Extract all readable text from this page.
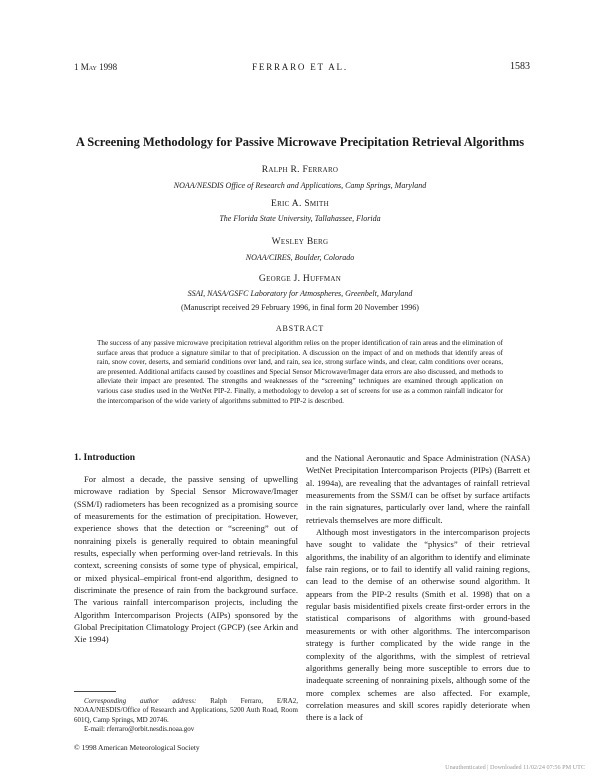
1 May 1998	FERRARO ET AL.	1583
A Screening Methodology for Passive Microwave Precipitation Retrieval Algorithms
Ralph R. Ferraro
NOAA/NESDIS Office of Research and Applications, Camp Springs, Maryland
Eric A. Smith
The Florida State University, Tallahassee, Florida
Wesley Berg
NOAA/CIRES, Boulder, Colorado
George J. Huffman
SSAI, NASA/GSFC Laboratory for Atmospheres, Greenbelt, Maryland
(Manuscript received 29 February 1996, in final form 20 November 1996)
ABSTRACT
The success of any passive microwave precipitation retrieval algorithm relies on the proper identification of rain areas and the elimination of surface areas that produce a signature similar to that of precipitation. A discussion on the impact of and on methods that identify areas of rain, snow cover, deserts, and semiarid conditions over land, and rain, sea ice, strong surface winds, and clear, calm conditions over oceans, are presented. Additional artifacts caused by coastlines and Special Sensor Microwave/Imager data errors are also discussed, and methods to alleviate their impact are presented. The strengths and weaknesses of the “screening” techniques are examined through application on various case studies used in the WetNet PIP-2. Finally, a methodology to develop a set of screens for use as a common rainfall indicator for the intercomparison of the wide variety of algorithms submitted to PIP-2 is described.
1. Introduction

For almost a decade, the passive sensing of upwelling microwave radiation by Special Sensor Microwave/Imager (SSM/I) radiometers has been recognized as a promising source of measurements for the estimation of precipitation. However, experience shows that the detection or “screening” out of nonraining pixels is generally required to obtain meaningful results, especially when performing over-land retrievals. In this context, screening consists of some type of physical, empirical, or mixed physical–empirical front-end algorithm, designed to discriminate the presence of rain from the background surface. The various rainfall intercomparison projects, including the Algorithm Intercomparison Projects (AIPs) sponsored by the Global Precipitation Climatology Project (GPCP) (see Arkin and Xie 1994)

and the National Aeronautic and Space Administration (NASA) WetNet Precipitation Intercomparison Projects (PIPs) (Barrett et al. 1994a), are revealing that the advantages of rainfall retrieval measurements from the SSM/I can be offset by surface artifacts in the rain signatures, particularly over land, where the rainfall retrievals themselves are more difficult.

Although most investigators in the intercomparison projects have sought to validate the “physics” of their retrieval algorithms, the inability of an algorithm to identify and eliminate false rain regions, or to fail to identify all valid raining regions, can lead to the demise of an otherwise sound algorithm. It appears from the PIP-2 results (Smith et al. 1998) that on a regular basis misidentified pixels create first-order errors in the statistical comparisons of algorithms with ground-based measurements or with other algorithms. The intercomparison strategy is further complicated by the wide range in the complexity of the algorithms, with the simplest of retrieval algorithms generally being more susceptible to errors due to inadequate screening of nonraining pixels, although some of the more complex schemes are also affected. For example, correlation measures and skill scores rapidly deteriorate when there is a lack of

Corresponding author address: Ralph Ferraro, E/RA2, NOAA/NESDIS/Office of Research and Applications, 5200 Auth Road, Room 601Q, Camp Springs, MD 20746.
E-mail: rferraro@orbit.nesdis.noaa.gov
© 1998 American Meteorological Society
Unauthenticated | Downloaded 11/02/24 07:56 PM UTC
